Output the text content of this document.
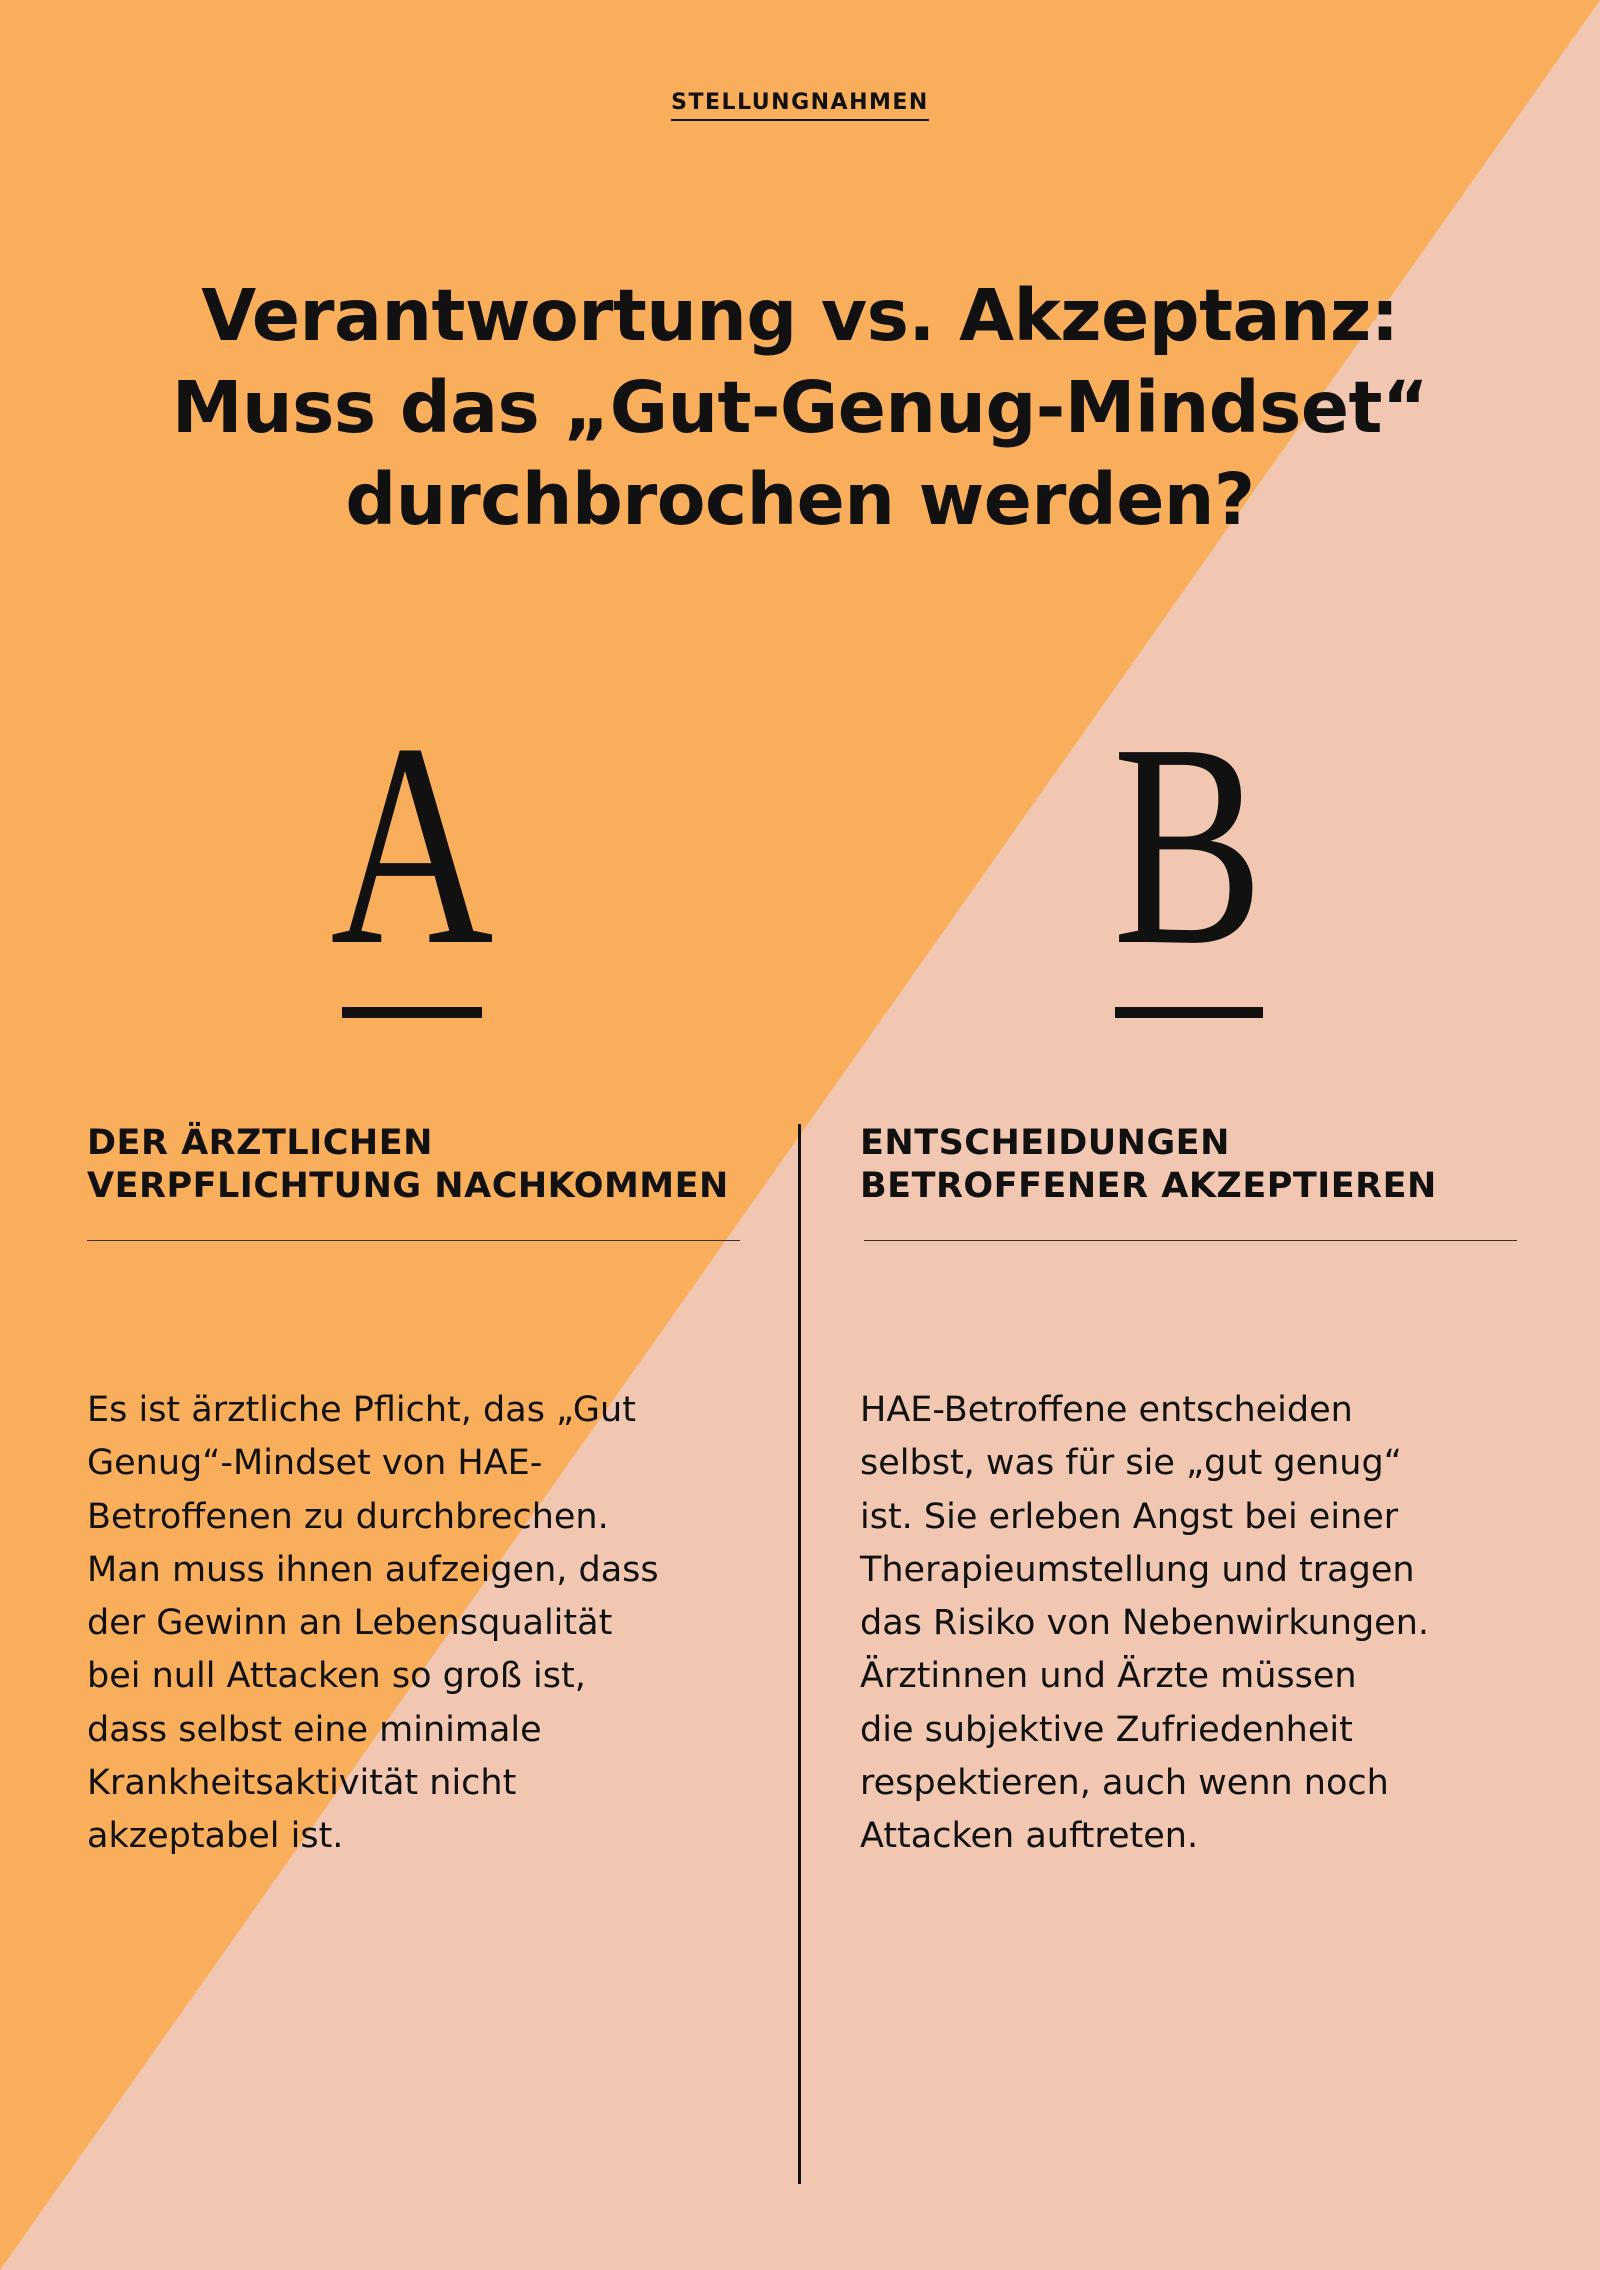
STELLUNGNAHMEN
Verantwortung vs. Akzeptanz:
Muss das „Gut-Genug-Mindset“
durchbrochen werden?
A B
DER ÄRZTLICHEN
VERPFLICHTUNG NACHKOMMEN
ENTSCHEIDUNGEN
BETROFFENER AKZEPTIEREN

Es ist ärztliche Pflicht, das „Gut
Genug“-Mindset von HAE-
Betroffenen zu durchbrechen.
Man muss ihnen aufzeigen, dass
der Gewinn an Lebensqualität
bei null Attacken so groß ist,
dass selbst eine minimale
Krankheitsaktivität nicht
akzeptabel ist.

HAE-Betroffene entscheiden
selbst, was für sie „gut genug“
ist. Sie erleben Angst bei einer
Therapieumstellung und tragen
das Risiko von Nebenwirkungen.
Ärztinnen und Ärzte müssen
die subjektive Zufriedenheit
respektieren, auch wenn noch
Attacken auftreten.
